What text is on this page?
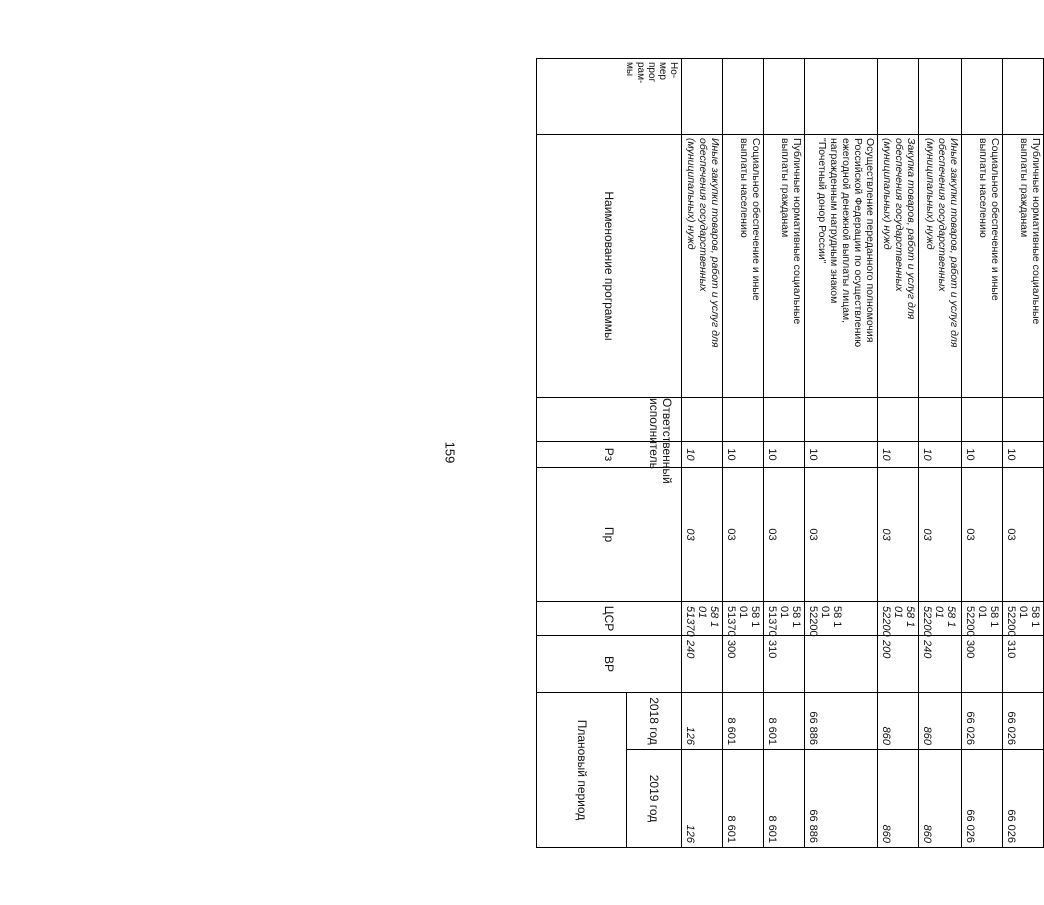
159
Но-
мер
прог
рам-
мы	Наименование программы	Ответственный
исполнитель	Рз	Пр	ЦСР	ВР	Плановый период	

							2018 год	2019 год

	Иные закупки товаров, работ и услуг для
обеспечения государственных
(муниципальных) нужд		10	03	58 1 01 51370	240	126	126

	Социальное обеспечение и иные
выплаты населению		10	03	58 1 01 51370	300	8 601	8 601

	Публичные нормативные социальные
выплаты гражданам		10	03	58 1 01 51370	310	8 601	8 601

	Осуществление переданного полномочия
Российской Федерации по осуществлению
ежегодной денежной выплаты лицам,
награжденным нагрудным знаком
"Почетный донор России"		10	03	58 1 01 52200		66 886	66 886

	Закупка товаров, работ и услуг для
обеспечения государственных
(муниципальных) нужд		10	03	58 1 01 52200	200	860	860

	Иные закупки товаров, работ и услуг для
обеспечения государственных
(муниципальных) нужд		10	03	58 1 01 52200	240	860	860

	Социальное обеспечение и иные
выплаты населению		10	03	58 1 01 52200	300	66 026	66 026

	Публичные нормативные социальные
выплаты гражданам		10	03	58 1 01 52200	310	66 026	66 026
